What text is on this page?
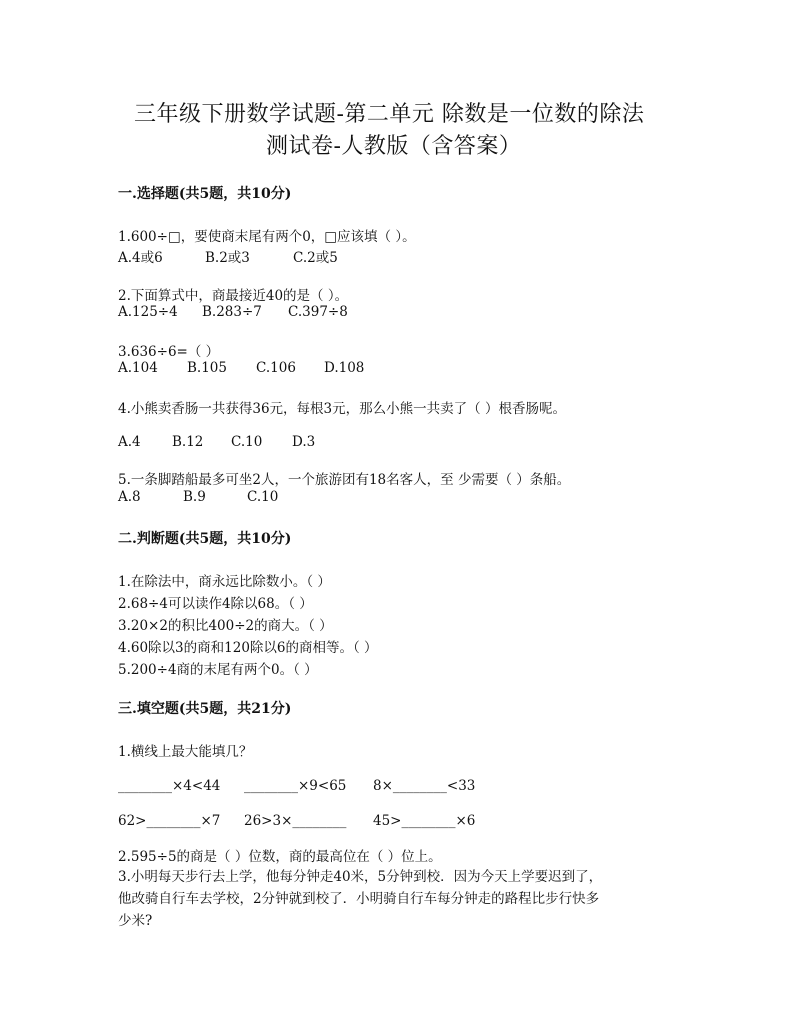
三年级下册数学试题-第二单元 除数是一位数的除法
测试卷-人教版（含答案）
一.选择题(共5题，共10分)
1.600÷□，要使商末尾有两个0，□应该填（ ）。
A.4或6	B.2或3	C.2或5
2.下面算式中，商最接近40的是（ ）。
A.125÷4	B.283÷7	C.397÷8
3.636÷6=（ ）
A.104	B.105	C.106	D.108
4.小熊卖香肠一共获得36元，每根3元，那么小熊一共卖了（ ）根香肠呢。
A.4	B.12	C.10	D.3
5.一条脚踏船最多可坐2人，一个旅游团有18名客人，至 少需要（ ）条船。
A.8	B.9	C.10
二.判断题(共5题，共10分)
1.在除法中，商永远比除数小。（ ）
2.68÷4可以读作4除以68。（ ）
3.20×2的积比400÷2的商大。（ ）
4.60除以3的商和120除以6的商相等。（ ）
5.200÷4商的末尾有两个0。（ ）
三.填空题(共5题，共21分)
1.横线上最大能填几？
________×4<44 ________×9<65 8×________<33
62>________×7 26>3×________ 45>________×6
2.595÷5的商是（ ）位数，商的最高位在（ ）位上。
3.小明每天步行去上学，他每分钟走40米，5分钟到校．因为今天上学要迟到了，
他改骑自行车去学校，2分钟就到校了．小明骑自行车每分钟走的路程比步行快多
少米?
